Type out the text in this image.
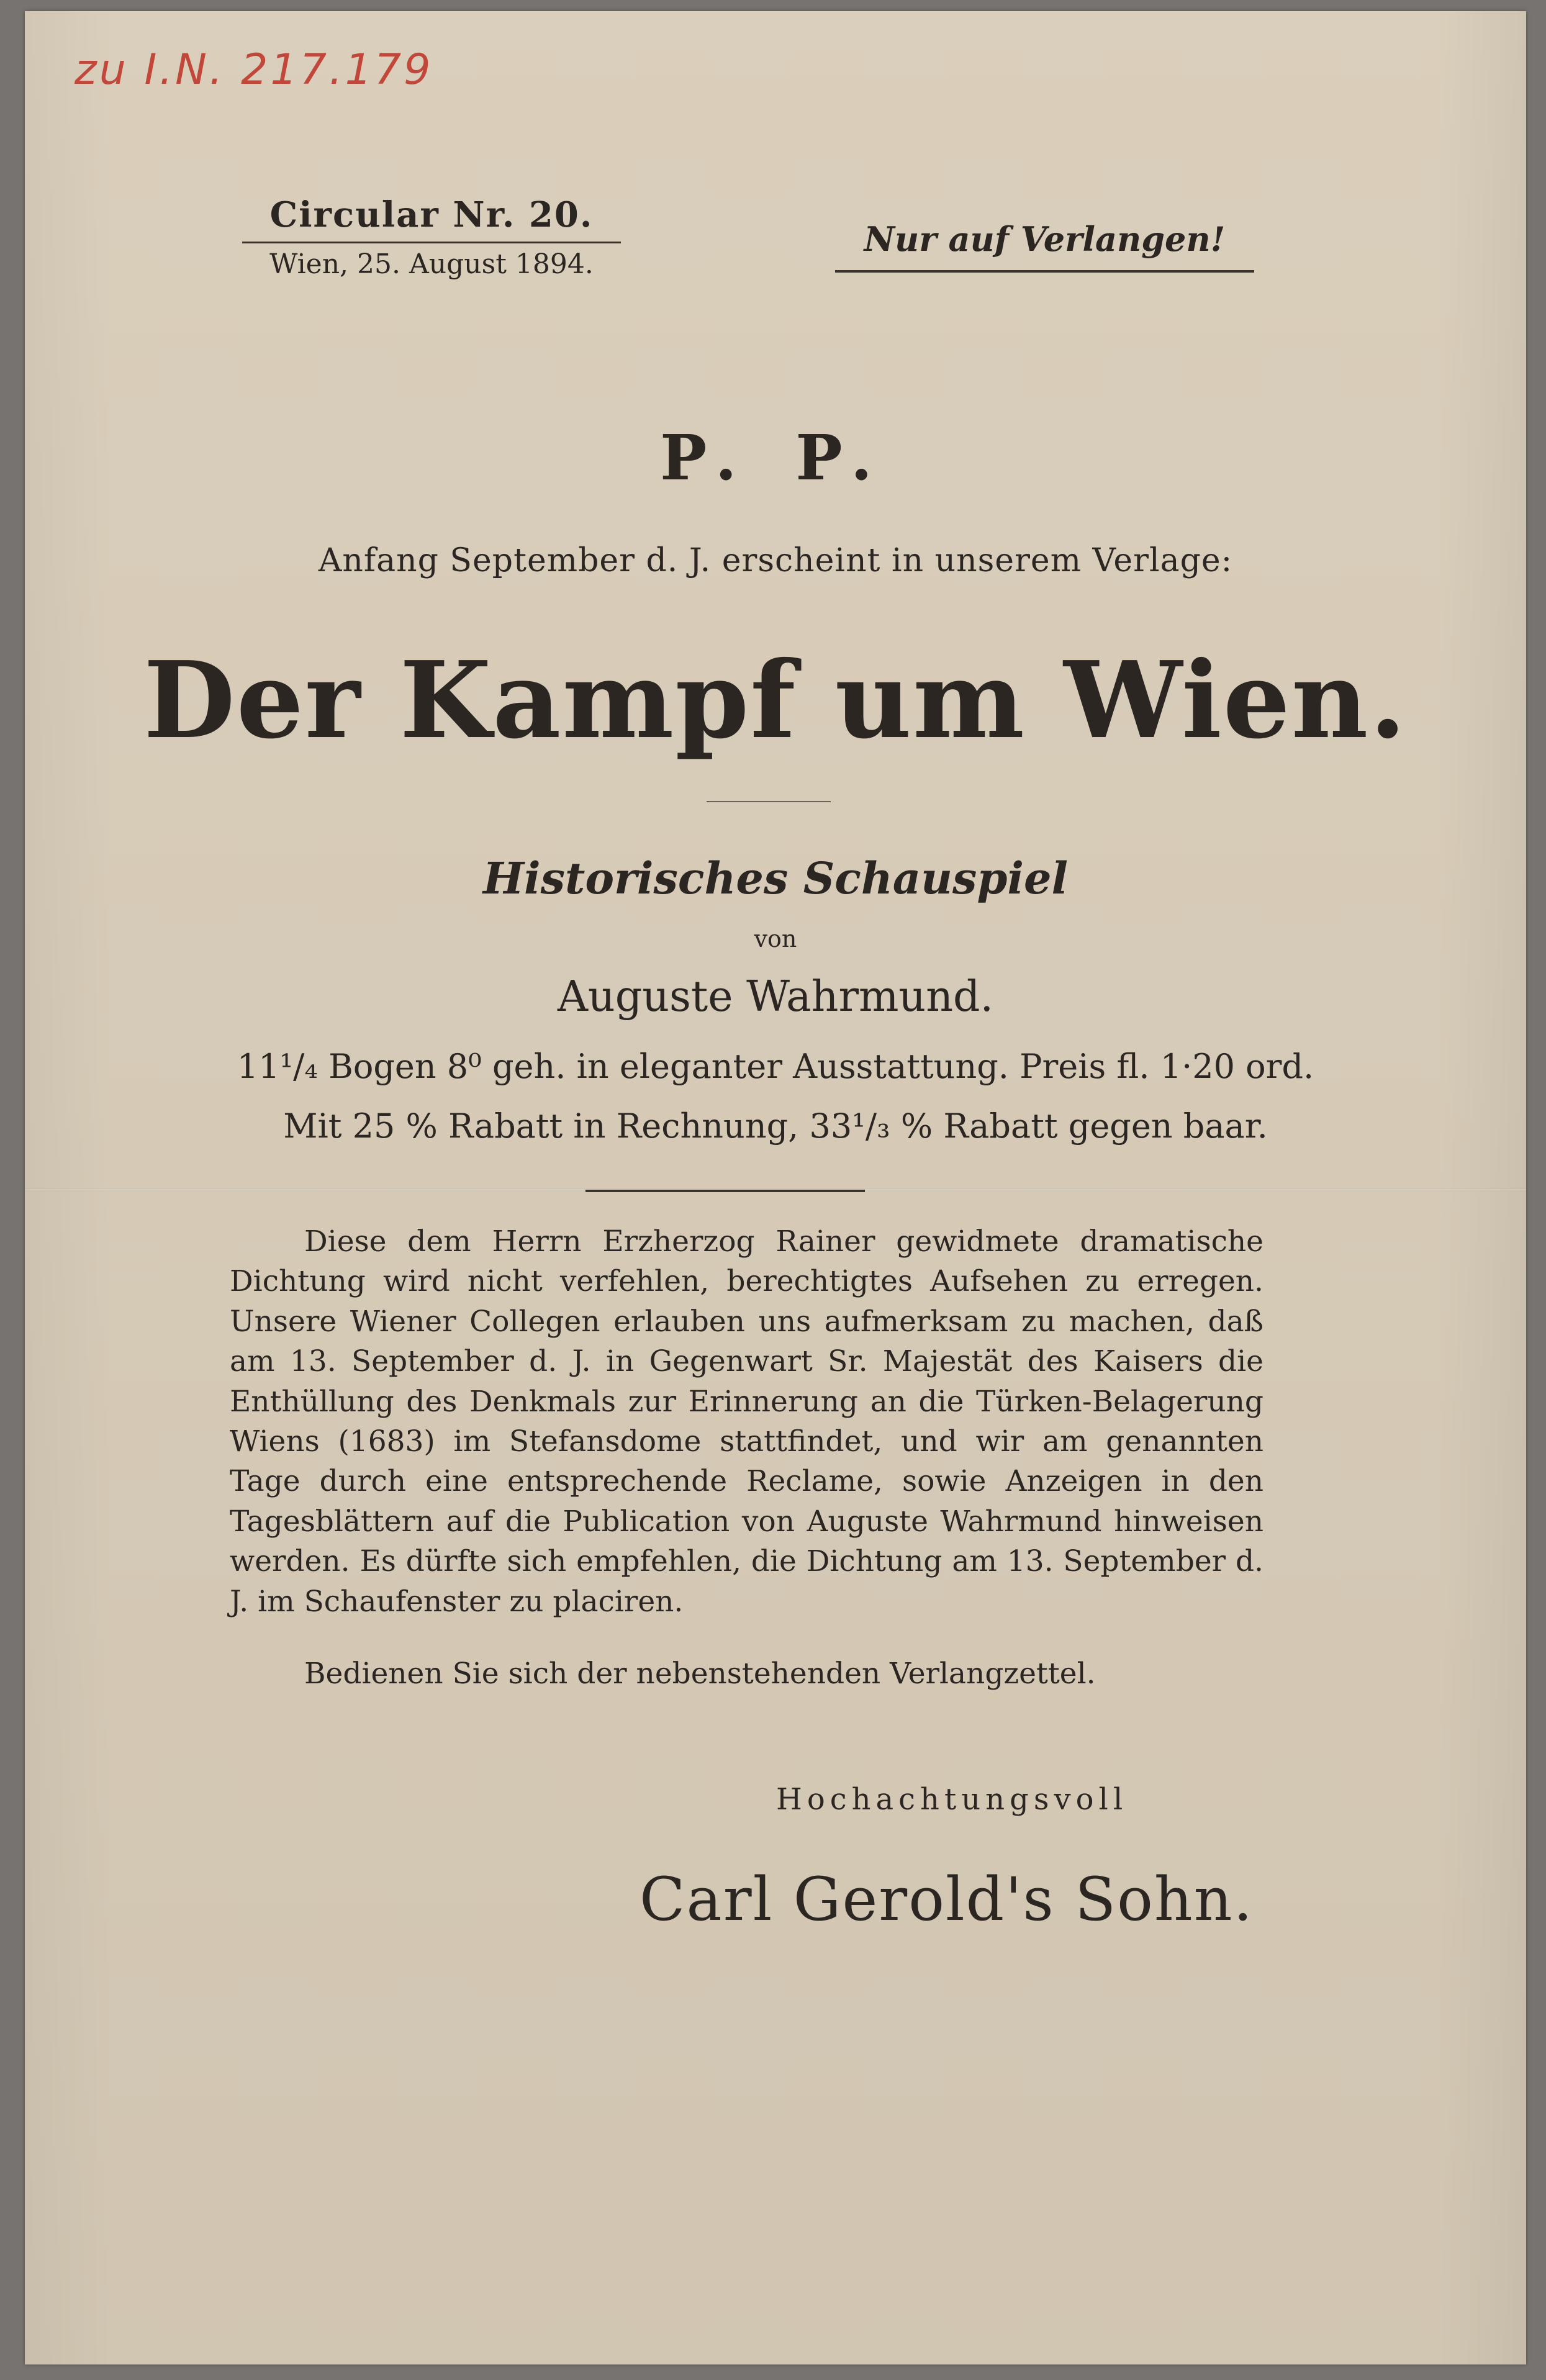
zu I.N. 217.179
Circular Nr. 20.
Wien, 25. August 1894.
Nur auf Verlangen!
P. P.
Anfang September d. J. erscheint in unserem Verlage:
Der Kampf um Wien.
Historisches Schauspiel
von
Auguste Wahrmund.
11¹/₄ Bogen 8⁰ geh. in eleganter Ausstattung. Preis fl. 1·20 ord.
Mit 25 % Rabatt in Rechnung, 33¹/₃ % Rabatt gegen baar.
Diese dem Herrn Erzherzog Rainer gewidmete dramatische Dichtung wird nicht verfehlen, berechtigtes Aufsehen zu erregen. Unsere Wiener Collegen erlauben uns aufmerksam zu machen, daß am 13. September d. J. in Gegenwart Sr. Majestät des Kaisers die Enthüllung des Denkmals zur Erinnerung an die Türken-Belagerung Wiens (1683) im Stefansdome stattfindet, und wir am genannten Tage durch eine entsprechende Reclame, sowie Anzeigen in den Tagesblättern auf die Publication von Auguste Wahrmund hinweisen werden. Es dürfte sich empfehlen, die Dichtung am 13. September d. J. im Schaufenster zu placiren.
Bedienen Sie sich der nebenstehenden Verlangzettel.
Hochachtungsvoll
Carl Gerold's Sohn.
